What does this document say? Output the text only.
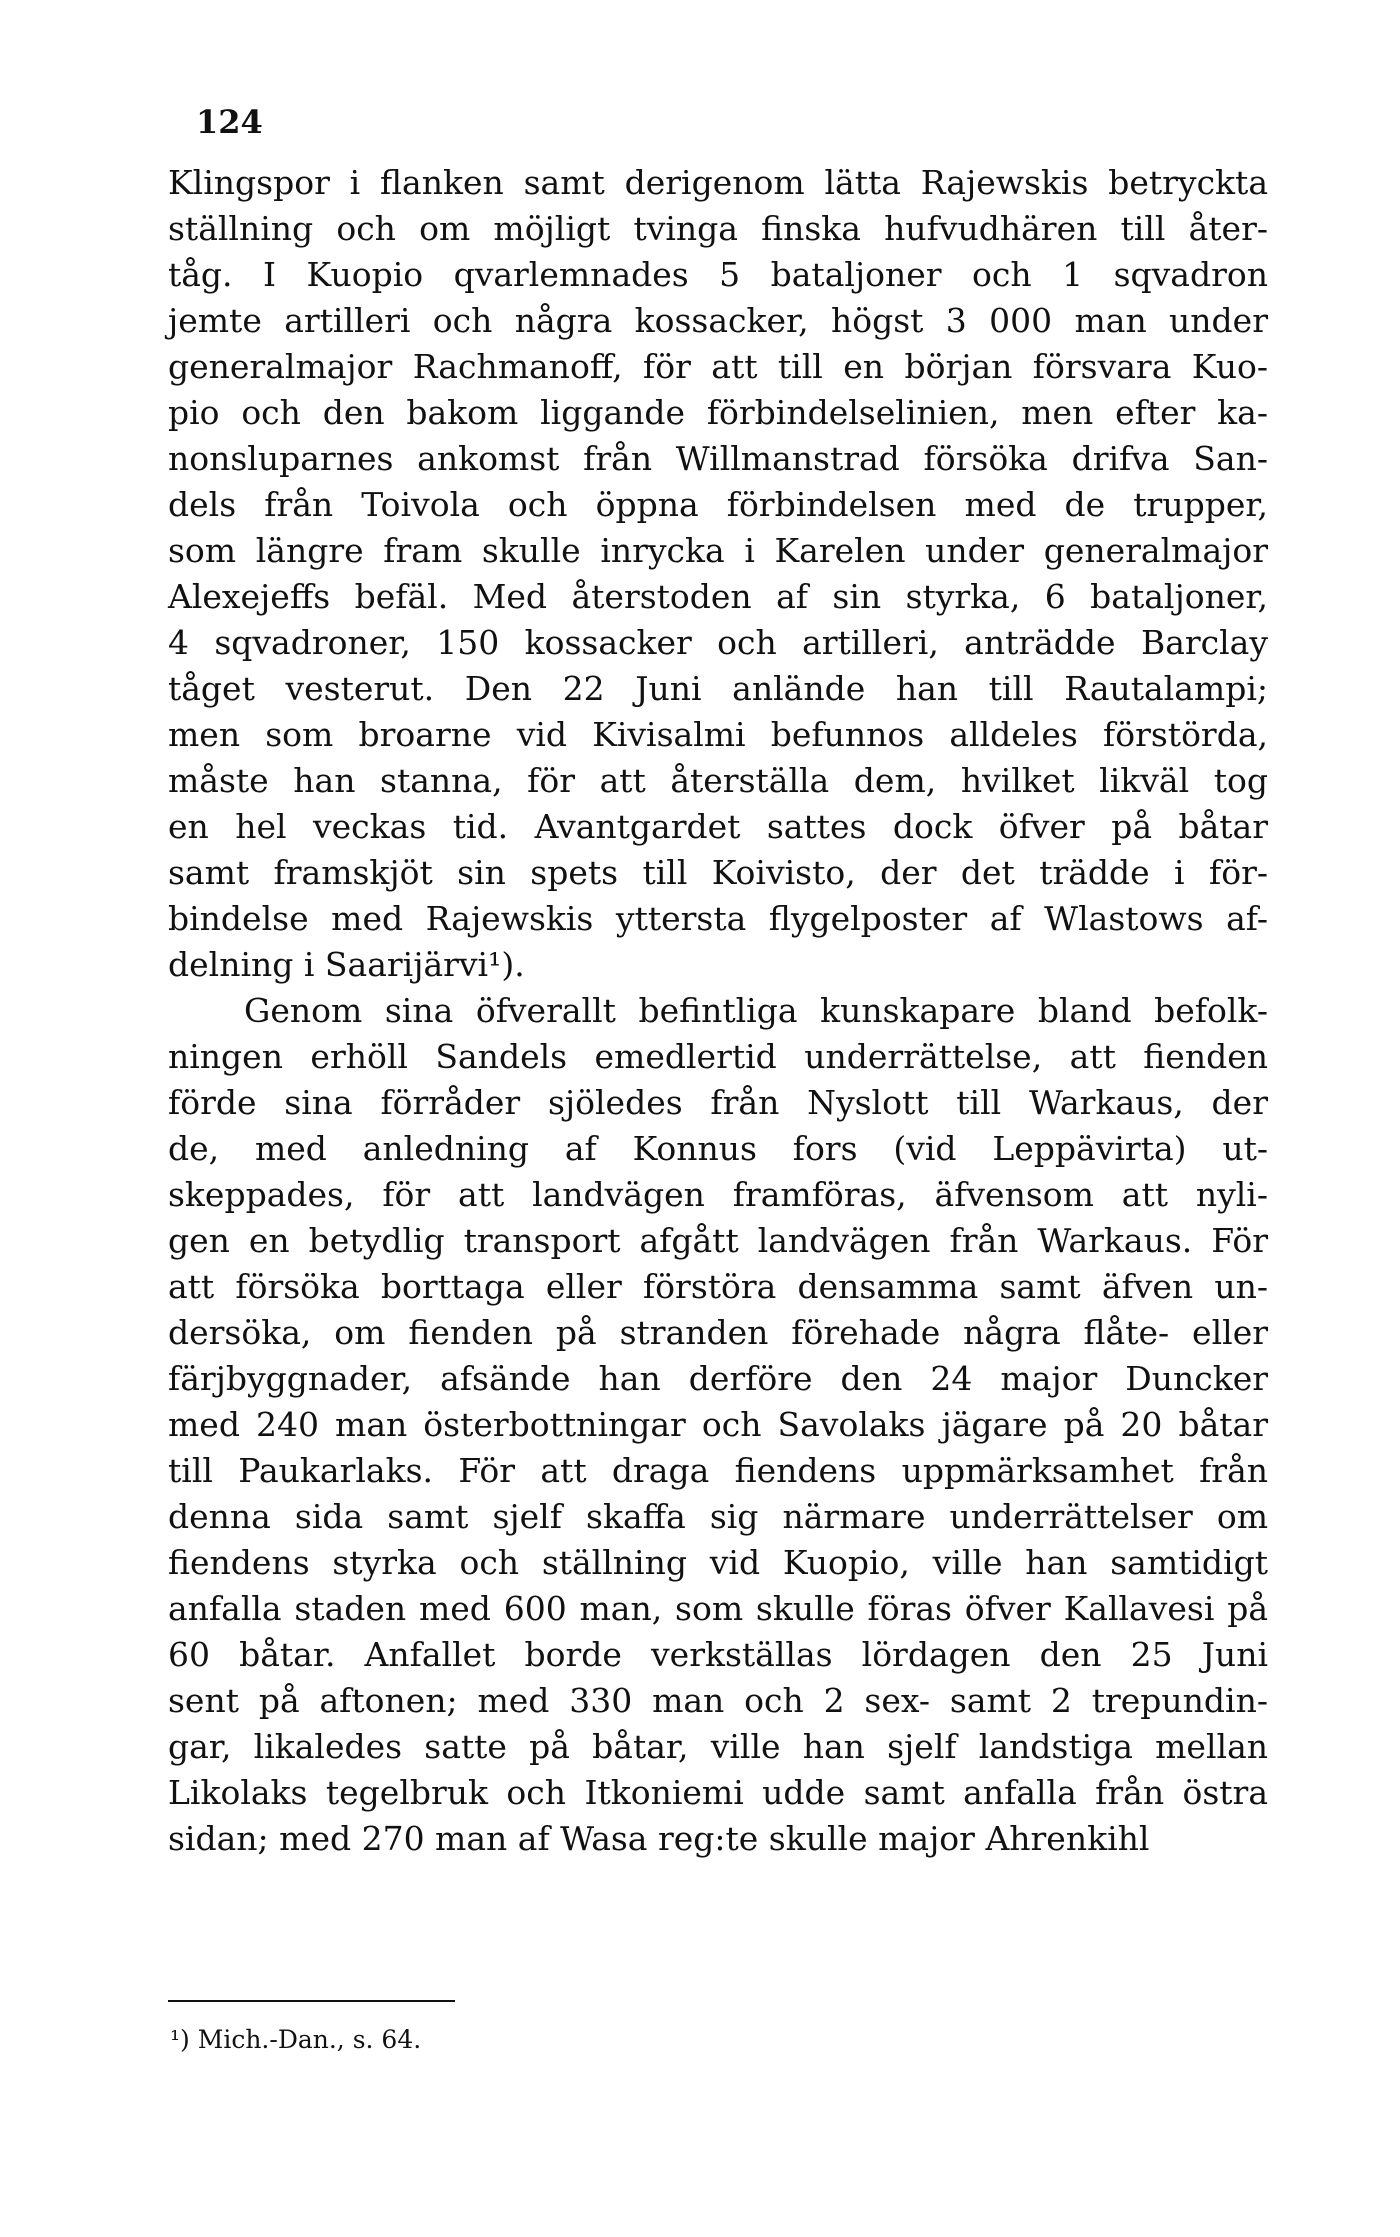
124
Klingspor i flanken samt derigenom lätta Rajewskis betryckta
ställning och om möjligt tvinga finska hufvudhären till åter-
tåg. I Kuopio qvarlemnades 5 bataljoner och 1 sqvadron
jemte artilleri och några kossacker, högst 3 000 man under
generalmajor Rachmanoff, för att till en början försvara Kuo-
pio och den bakom liggande förbindelselinien, men efter ka-
nonsluparnes ankomst från Willmanstrad försöka drifva San-
dels från Toivola och öppna förbindelsen med de trupper,
som längre fram skulle inrycka i Karelen under generalmajor
Alexejeffs befäl. Med återstoden af sin styrka, 6 bataljoner,
4 sqvadroner, 150 kossacker och artilleri, anträdde Barclay
tåget vesterut. Den 22 Juni anlände han till Rautalampi;
men som broarne vid Kivisalmi befunnos alldeles förstörda,
måste han stanna, för att återställa dem, hvilket likväl tog
en hel veckas tid. Avantgardet sattes dock öfver på båtar
samt framskjöt sin spets till Koivisto, der det trädde i för-
bindelse med Rajewskis yttersta flygelposter af Wlastows af-
delning i Saarijärvi¹).
Genom sina öfverallt befintliga kunskapare bland befolk-
ningen erhöll Sandels emedlertid underrättelse, att fienden
förde sina förråder sjöledes från Nyslott till Warkaus, der
de, med anledning af Konnus fors (vid Leppävirta) ut-
skeppades, för att landvägen framföras, äfvensom att nyli-
gen en betydlig transport afgått landvägen från Warkaus. För
att försöka borttaga eller förstöra densamma samt äfven un-
dersöka, om fienden på stranden förehade några flåte- eller
färjbyggnader, afsände han derföre den 24 major Duncker
med 240 man österbottningar och Savolaks jägare på 20 båtar
till Paukarlaks. För att draga fiendens uppmärksamhet från
denna sida samt sjelf skaffa sig närmare underrättelser om
fiendens styrka och ställning vid Kuopio, ville han samtidigt
anfalla staden med 600 man, som skulle föras öfver Kallavesi på
60 båtar. Anfallet borde verkställas lördagen den 25 Juni
sent på aftonen; med 330 man och 2 sex- samt 2 trepundin-
gar, likaledes satte på båtar, ville han sjelf landstiga mellan
Likolaks tegelbruk och Itkoniemi udde samt anfalla från östra
sidan; med 270 man af Wasa reg:te skulle major Ahrenkihl
¹) Mich.-Dan., s. 64.
